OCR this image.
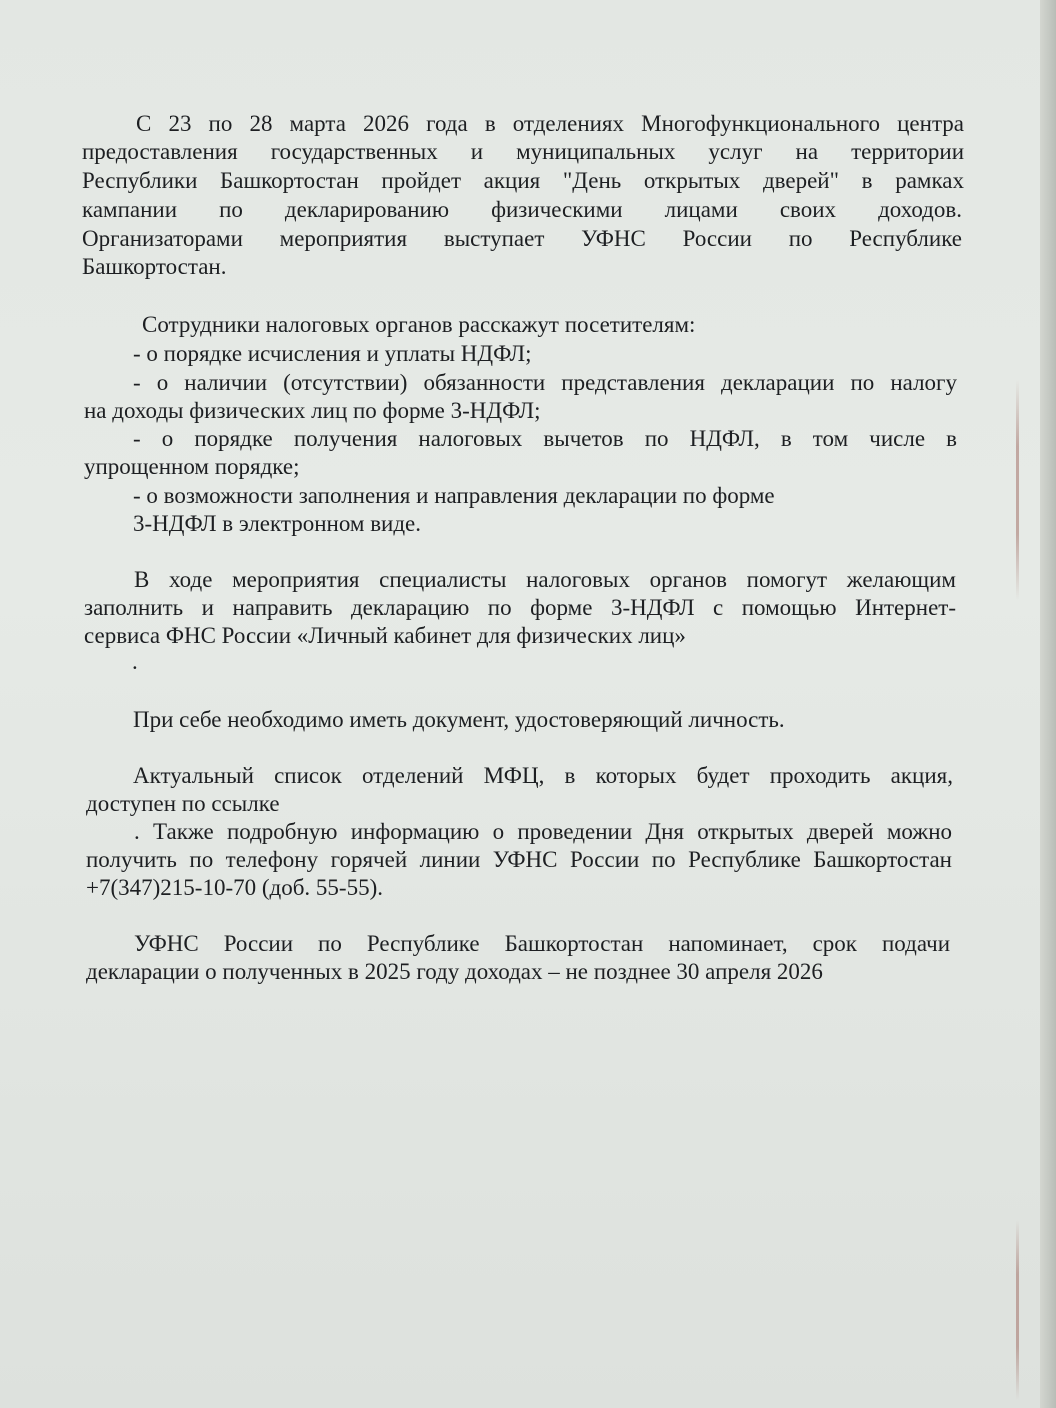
С 23 по 28 марта 2026 года в отделениях Многофункционального центра
предоставления государственных и муниципальных услуг на территории
Республики Башкортостан пройдет акция "День открытых дверей" в рамках
кампании по декларированию физическими лицами своих доходов.
Организаторами мероприятия выступает УФНС России по Республике
Башкортостан.
Сотрудники налоговых органов расскажут посетителям:
- о порядке исчисления и уплаты НДФЛ;
- о наличии (отсутствии) обязанности представления декларации по налогу
на доходы физических лиц по форме 3-НДФЛ;
- о порядке получения налоговых вычетов по НДФЛ, в том числе в
упрощенном порядке;
- о возможности заполнения и направления декларации по форме
3-НДФЛ в электронном виде.
В ходе мероприятия специалисты налоговых органов помогут желающим
заполнить и направить декларацию по форме 3-НДФЛ с помощью Интернет-
сервиса ФНС России «Личный кабинет для физических лиц»
.
При себе необходимо иметь документ, удостоверяющий личность.
Актуальный список отделений МФЦ, в которых будет проходить акция,
доступен по ссылке
. Также подробную информацию о проведении Дня открытых дверей можно
получить по телефону горячей линии УФНС России по Республике Башкортостан
+7(347)215-10-70 (доб. 55-55).
УФНС России по Республике Башкортостан напоминает, срок подачи
декларации о полученных в 2025 году доходах – не позднее 30 апреля 2026
